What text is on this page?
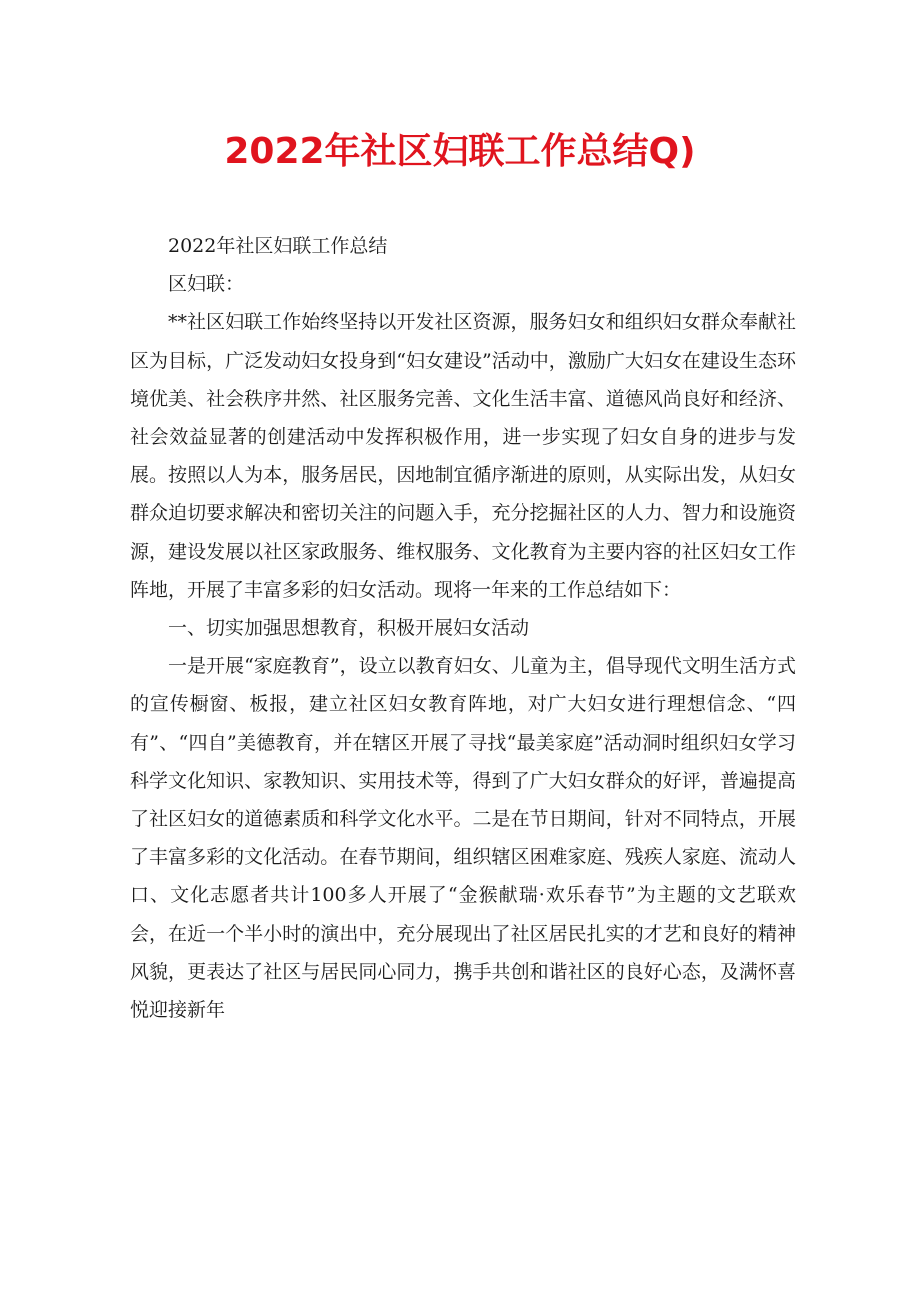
2022年社区妇联工作总结Q)

2022年社区妇联工作总结

区妇联：

**社区妇联工作始终坚持以开发社区资源，服务妇女和组织妇女群众奉献社区为目标，广泛发动妇女投身到“妇女建设”活动中，激励广大妇女在建设生态环境优美、社会秩序井然、社区服务完善、文化生活丰富、道德风尚良好和经济、社会效益显著的创建活动中发挥积极作用，进一步实现了妇女自身的进步与发展。按照以人为本，服务居民，因地制宜循序渐进的原则，从实际出发，从妇女群众迫切要求解决和密切关注的问题入手，充分挖掘社区的人力、智力和设施资源，建设发展以社区家政服务、维权服务、文化教育为主要内容的社区妇女工作阵地，开展了丰富多彩的妇女活动。现将一年来的工作总结如下：

一、切实加强思想教育，积极开展妇女活动

一是开展“家庭教育”，设立以教育妇女、儿童为主，倡导现代文明生活方式的宣传橱窗、板报，建立社区妇女教育阵地，对广大妇女进行理想信念、“四有”、“四自”美德教育，并在辖区开展了寻找“最美家庭”活动洞时组织妇女学习科学文化知识、家教知识、实用技术等，得到了广大妇女群众的好评，普遍提高了社区妇女的道德素质和科学文化水平。二是在节日期间，针对不同特点，开展了丰富多彩的文化活动。在春节期间，组织辖区困难家庭、残疾人家庭、流动人口、文化志愿者共计100多人开展了“金猴献瑞·欢乐春节”为主题的文艺联欢会，在近一个半小时的演出中，充分展现出了社区居民扎实的才艺和良好的精神风貌，更表达了社区与居民同心同力，携手共创和谐社区的良好心态，及满怀喜悦迎接新年
